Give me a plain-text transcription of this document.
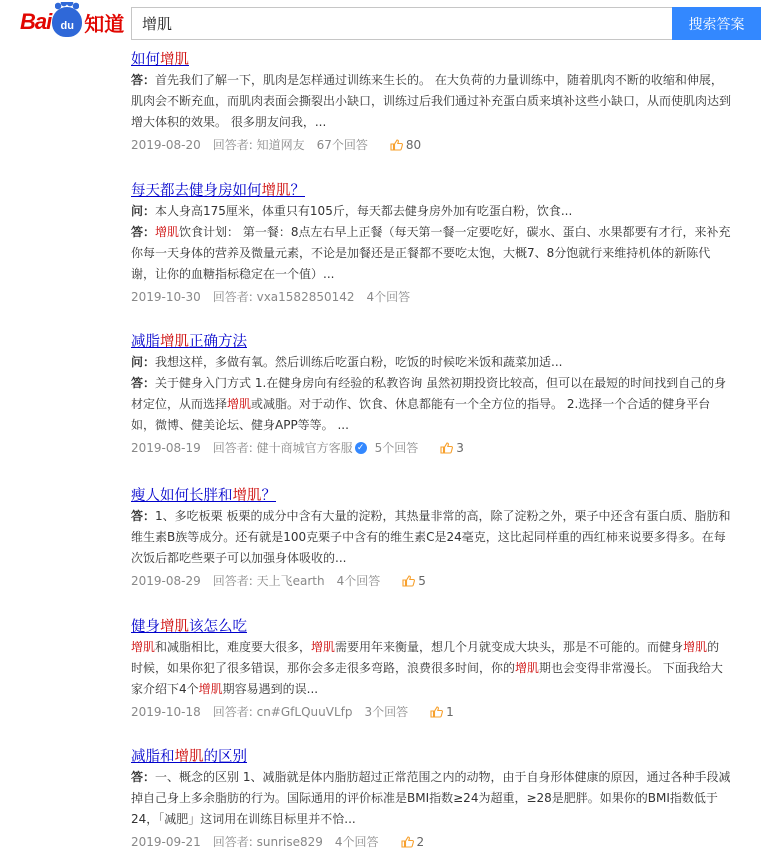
Bai du 知道
增肌	搜索答案
如何增肌
答：首先我们了解一下，肌肉是怎样通过训练来生长的。 在大负荷的力量训练中，随着肌肉不断的收缩和伸展，肌肉会不断充血，而肌肉表面会撕裂出小缺口，训练过后我们通过补充蛋白质来填补这些小缺口，从而使肌肉达到增大体积的效果。 很多朋友问我，...
2019-08-20 回答者: 知道网友 67个回答	80
每天都去健身房如何增肌？
问：本人身高175厘米，体重只有105斤，每天都去健身房外加有吃蛋白粉，饮食...
答：增肌饮食计划： 第一餐：8点左右早上正餐（每天第一餐一定要吃好，碳水、蛋白、水果都要有才行，来补充你每一天身体的营养及微量元素，不论是加餐还是正餐都不要吃太饱，大概7、8分饱就行来维持机体的新陈代谢，让你的血糖指标稳定在一个值）...
2019-10-30 回答者: vxa1582850142 4个回答
减脂增肌正确方法
问：我想这样，多做有氧。然后训练后吃蛋白粉，吃饭的时候吃米饭和蔬菜加适...
答：关于健身入门方式 1.在健身房向有经验的私教咨询 虽然初期投资比较高，但可以在最短的时间找到自己的身材定位，从而选择增肌或减脂。对于动作、饮食、休息都能有一个全方位的指导。 2.选择一个合适的健身平台 如，微博、健美论坛、健身APP等等。 ...
2019-08-19 回答者: 健十商城官方客服 ✓ 5个回答	3
瘦人如何长胖和增肌？
答：1、多吃板栗 板栗的成分中含有大量的淀粉，其热量非常的高，除了淀粉之外，栗子中还含有蛋白质、脂肪和维生素B族等成分。还有就是100克栗子中含有的维生素C是24毫克，这比起同样重的西红柿来说要多得多。在每次饭后都吃些栗子可以加强身体吸收的...
2019-08-29 回答者: 天上飞earth 4个回答	5
健身增肌该怎么吃
增肌和减脂相比，难度要大很多，增肌需要用年来衡量，想几个月就变成大块头，那是不可能的。而健身增肌的时候，如果你犯了很多错误，那你会多走很多弯路，浪费很多时间，你的增肌期也会变得非常漫长。 下面我给大家介绍下4个增肌期容易遇到的误...
2019-10-18 回答者: cn#GfLQuuVLfp 3个回答	1
减脂和增肌的区别
答：一、概念的区别 1、减脂就是体内脂肪超过正常范围之内的动物，由于自身形体健康的原因，通过各种手段减掉自己身上多余脂肪的行为。国际通用的评价标准是BMI指数≥24为超重，≥28是肥胖。如果你的BMI指数低于24，「减肥」这词用在训练目标里并不恰...
2019-09-21 回答者: sunrise829 4个回答	2
